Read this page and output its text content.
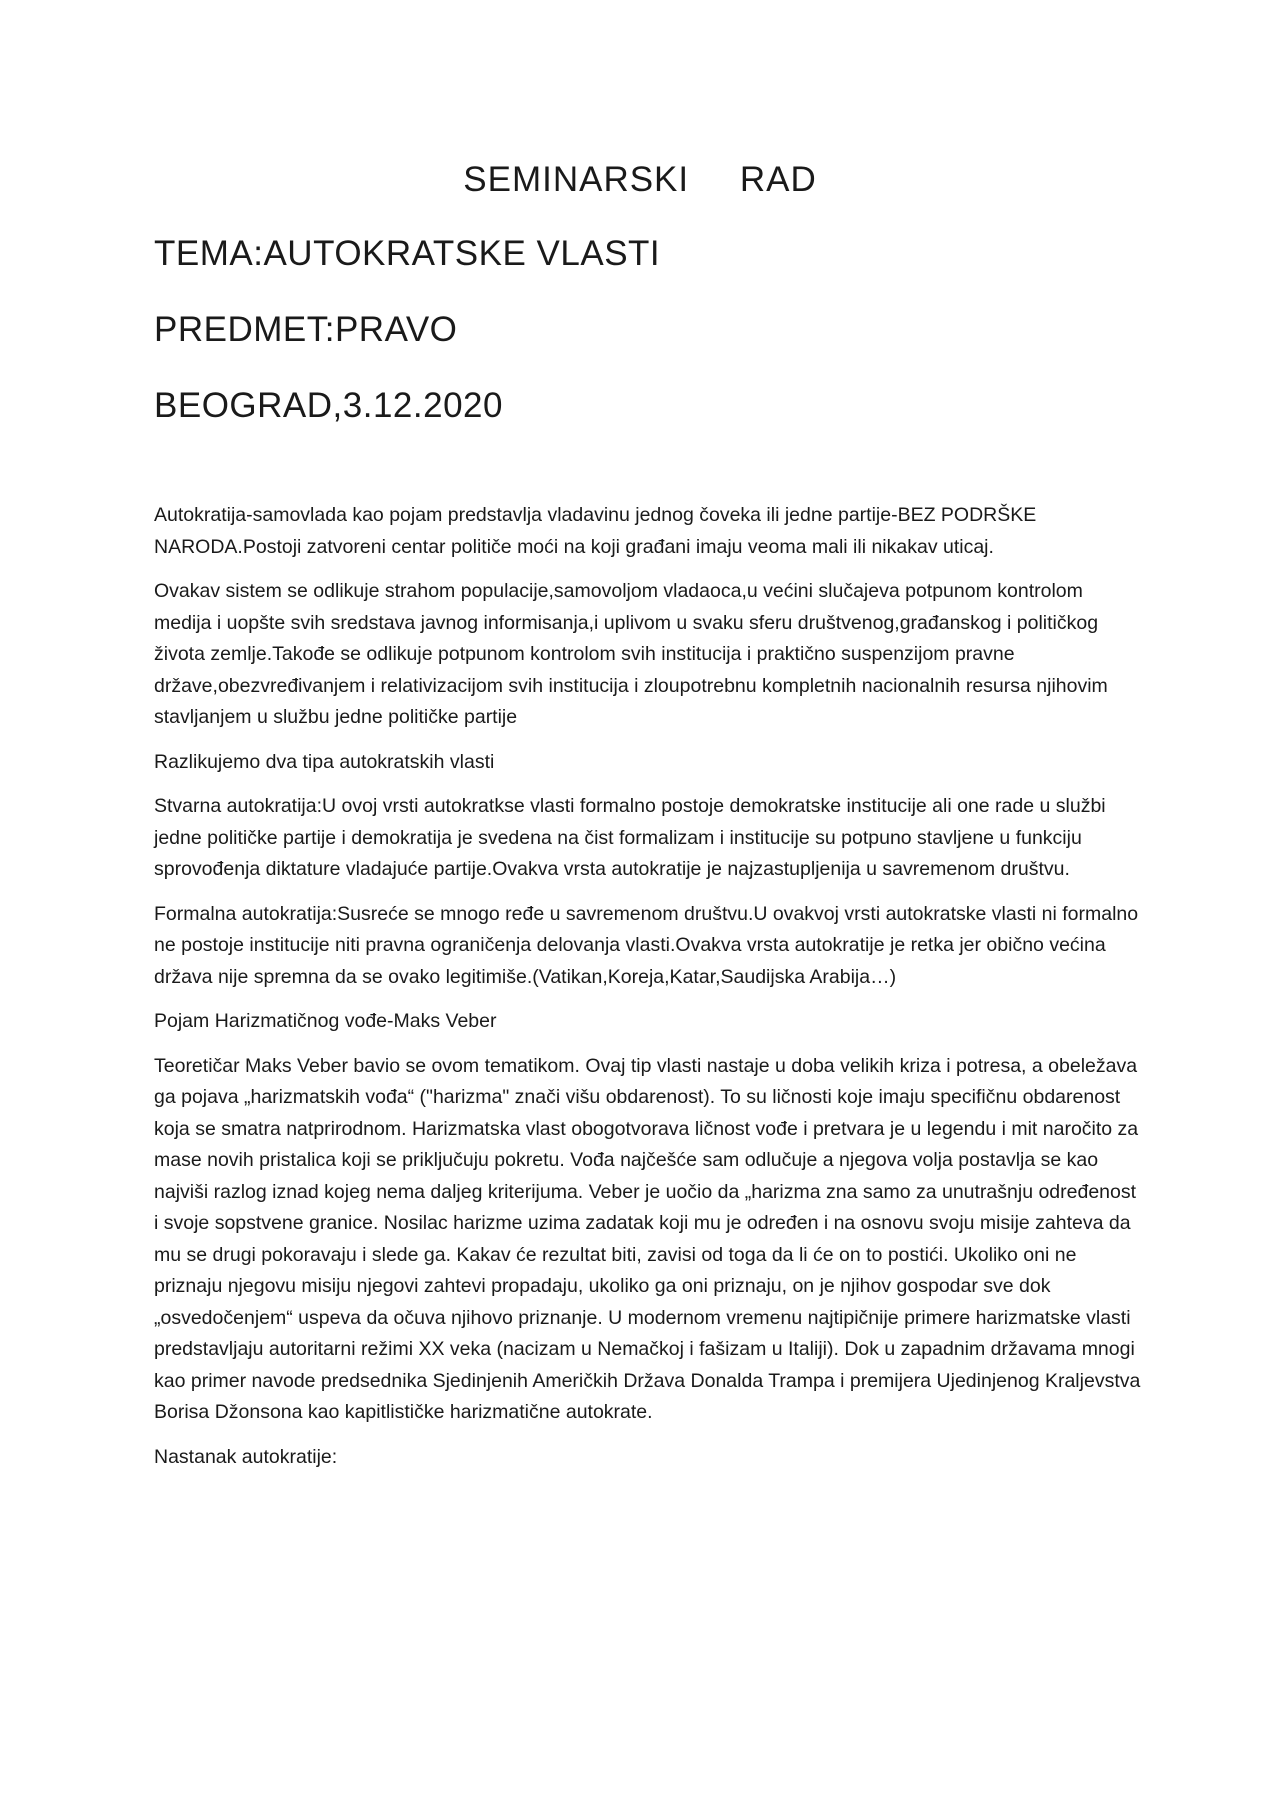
SEMINARSKI RAD
TEMA:AUTOKRATSKE VLASTI
PREDMET:PRAVO
BEOGRAD,3.12.2020

Autokratija-samovlada kao pojam predstavlja vladavinu jednog čoveka ili jedne partije-BEZ PODRŠKE NARODA.Postoji zatvoreni centar političe moći na koji građani imaju veoma mali ili nikakav uticaj.

Ovakav sistem se odlikuje strahom populacije,samovoljom vladaoca,u većini slučajeva potpunom kontrolom medija i uopšte svih sredstava javnog informisanja,i uplivom u svaku sferu društvenog,građanskog i političkog života zemlje.Takođe se odlikuje potpunom kontrolom svih institucija i praktično suspenzijom pravne države,obezvređivanjem i relativizacijom svih institucija i zloupotrebnu kompletnih nacionalnih resursa njihovim stavljanjem u službu jedne političke partije

Razlikujemo dva tipa autokratskih vlasti

Stvarna autokratija:U ovoj vrsti autokratkse vlasti formalno postoje demokratske institucije ali one rade u službi jedne političke partije i demokratija je svedena na čist formalizam i institucije su potpuno stavljene u funkciju sprovođenja diktature vladajuće partije.Ovakva vrsta autokratije je najzastupljenija u savremenom društvu.

Formalna autokratija:Susreće se mnogo ređe u savremenom društvu.U ovakvoj vrsti autokratske vlasti ni formalno ne postoje institucije niti pravna ograničenja delovanja vlasti.Ovakva vrsta autokratije je retka jer obično većina država nije spremna da se ovako legitimiše.(Vatikan,Koreja,Katar,Saudijska Arabija…)

Pojam Harizmatičnog vođe-Maks Veber

Teoretičar Maks Veber bavio se ovom tematikom. Ovaj tip vlasti nastaje u doba velikih kriza i potresa, a obeležava ga pojava „harizmatskih vođa“ ("harizma" znači višu obdarenost). To su ličnosti koje imaju specifičnu obdarenost koja se smatra natprirodnom. Harizmatska vlast obogotvorava ličnost vođe i pretvara je u legendu i mit naročito za mase novih pristalica koji se priključuju pokretu. Vođa najčešće sam odlučuje a njegova volja postavlja se kao najviši razlog iznad kojeg nema daljeg kriterijuma. Veber je uočio da „harizma zna samo za unutrašnju određenost i svoje sopstvene granice. Nosilac harizme uzima zadatak koji mu je određen i na osnovu svoju misije zahteva da mu se drugi pokoravaju i slede ga. Kakav će rezultat biti, zavisi od toga da li će on to postići. Ukoliko oni ne priznaju njegovu misiju njegovi zahtevi propadaju, ukoliko ga oni priznaju, on je njihov gospodar sve dok „osvedočenjem“ uspeva da očuva njihovo priznanje. U modernom vremenu najtipičnije primere harizmatske vlasti predstavljaju autoritarni režimi XX veka (nacizam u Nemačkoj i fašizam u Italiji). Dok u zapadnim državama mnogi kao primer navode predsednika Sjedinjenih Američkih Država Donalda Trampa i premijera Ujedinjenog Kraljevstva Borisa Džonsona kao kapitlističke harizmatične autokrate.

Nastanak autokratije:
